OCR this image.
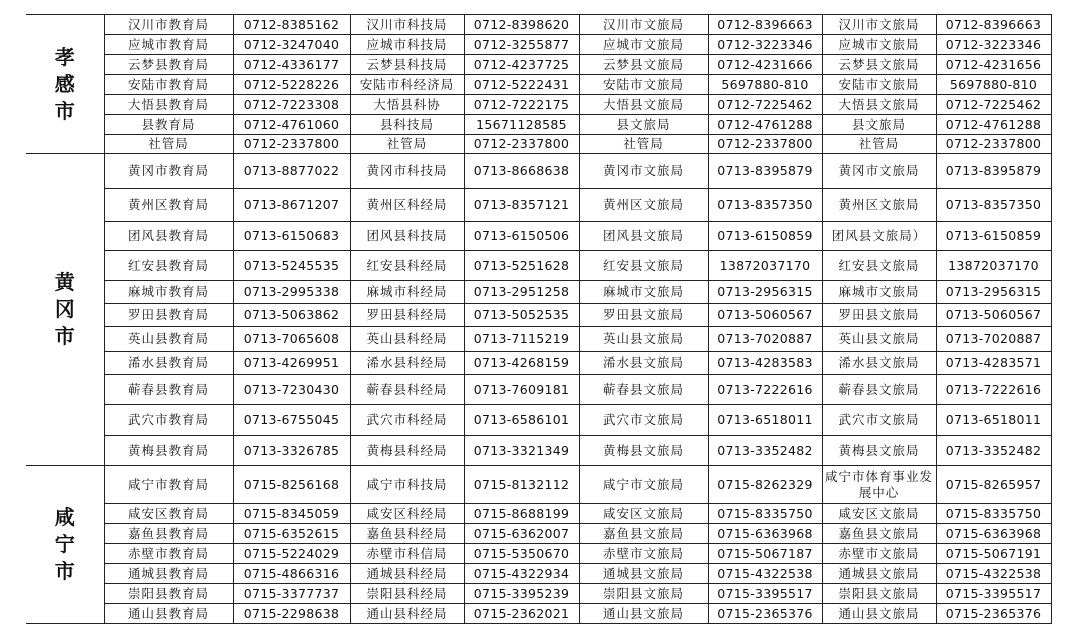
孝
感
市	汉川市教育局	0712-8385162	汉川市科技局	0712-8398620	汉川市文旅局	0712-8396663	汉川市文旅局	0712-8396663
	应城市教育局	0712-3247040	应城市科技局	0712-3255877	应城市文旅局	0712-3223346	应城市文旅局	0712-3223346
	云梦县教育局	0712-4336177	云梦县科技局	0712-4237725	云梦县文旅局	0712-4231666	云梦县文旅局	0712-4231656
	安陆市教育局	0712-5228226	安陆市科经济局	0712-5222431	安陆市文旅局	5697880-810	安陆市文旅局	5697880-810
	大悟县教育局	0712-7223308	大悟县科协	0712-7222175	大悟县文旅局	0712-7225462	大悟县文旅局	0712-7225462
	县教育局	0712-4761060	县科技局	15671128585	县文旅局	0712-4761288	县文旅局	0712-4761288
	社管局	0712-2337800	社管局	0712-2337800	社管局	0712-2337800	社管局	0712-2337800

黄
冈
市	黄冈市教育局	0713-8877022	黄冈市科技局	0713-8668638	黄冈市文旅局	0713-8395879	黄冈市文旅局	0713-8395879
	黄州区教育局	0713-8671207	黄州区科经局	0713-8357121	黄州区文旅局	0713-8357350	黄州区文旅局	0713-8357350
	团风县教育局	0713-6150683	团风县科技局	0713-6150506	团风县文旅局	0713-6150859	团风县文旅局）	0713-6150859
	红安县教育局	0713-5245535	红安县科经局	0713-5251628	红安县文旅局	13872037170	红安县文旅局	13872037170
	麻城市教育局	0713-2995338	麻城市科经局	0713-2951258	麻城市文旅局	0713-2956315	麻城市文旅局	0713-2956315
	罗田县教育局	0713-5063862	罗田县科经局	0713-5052535	罗田县文旅局	0713-5060567	罗田县文旅局	0713-5060567
	英山县教育局	0713-7065608	英山县科经局	0713-7115219	英山县文旅局	0713-7020887	英山县文旅局	0713-7020887
	浠水县教育局	0713-4269951	浠水县科经局	0713-4268159	浠水县文旅局	0713-4283583	浠水县文旅局	0713-4283571
	蕲春县教育局	0713-7230430	蕲春县科经局	0713-7609181	蕲春县文旅局	0713-7222616	蕲春县文旅局	0713-7222616
	武穴市教育局	0713-6755045	武穴市科经局	0713-6586101	武穴市文旅局	0713-6518011	武穴市文旅局	0713-6518011
	黄梅县教育局	0713-3326785	黄梅县科经局	0713-3321349	黄梅县文旅局	0713-3352482	黄梅县文旅局	0713-3352482

咸
宁
市	咸宁市教育局	0715-8256168	咸宁市科技局	0715-8132112	咸宁市文旅局	0715-8262329	咸宁市体育事业发展中心	0715-8265957
	咸安区教育局	0715-8345059	咸安区科经局	0715-8688199	咸安区文旅局	0715-8335750	咸安区文旅局	0715-8335750
	嘉鱼县教育局	0715-6352615	嘉鱼县科经局	0715-6362007	嘉鱼县文旅局	0715-6363968	嘉鱼县文旅局	0715-6363968
	赤壁市教育局	0715-5224029	赤壁市科信局	0715-5350670	赤壁市文旅局	0715-5067187	赤壁市文旅局	0715-5067191
	通城县教育局	0715-4866316	通城县科经局	0715-4322934	通城县文旅局	0715-4322538	通城县文旅局	0715-4322538
	崇阳县教育局	0715-3377737	崇阳县科经局	0715-3395239	崇阳县文旅局	0715-3395517	崇阳县文旅局	0715-3395517
	通山县教育局	0715-2298638	通山县科经局	0715-2362021	通山县文旅局	0715-2365376	通山县文旅局	0715-2365376
